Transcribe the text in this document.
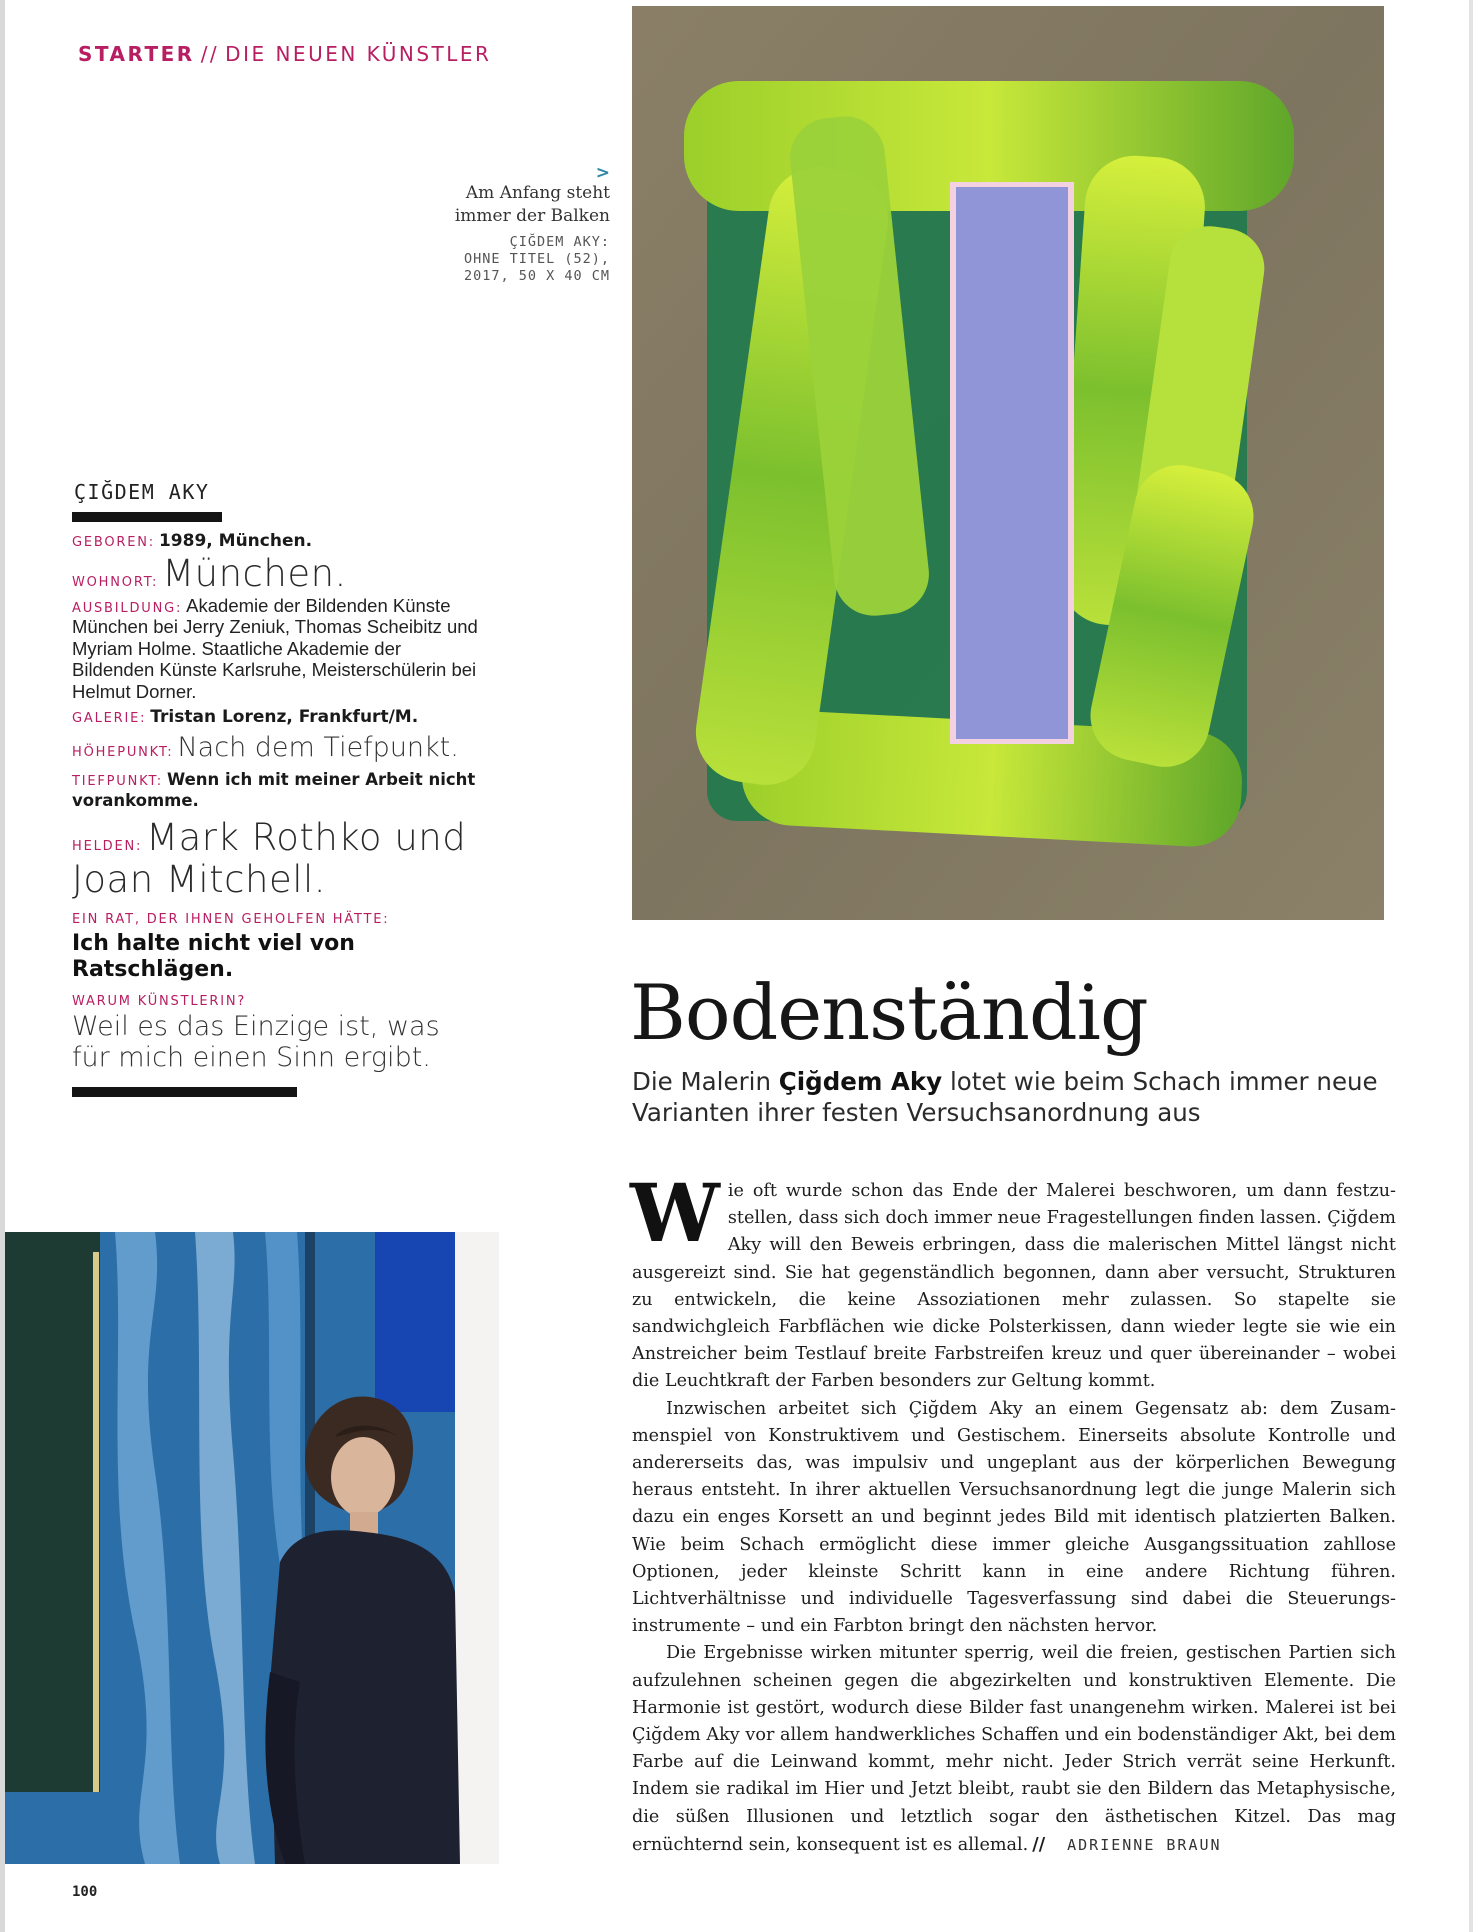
STARTER // DIE NEUEN KÜNSTLER
>
Am Anfang steht
immer der Balken
ÇIĞDEM AKY:
OHNE TITEL (52),
2017, 50 X 40 CM
ÇIĞDEM AKY
GEBOREN: 1989, München.
WOHNORT: München.
AUSBILDUNG: Akademie der Bildenden Künste München bei Jerry Zeniuk, Thomas Scheibitz und Myriam Holme. Staatliche Akademie der Bildenden Künste Karlsruhe, Meisterschülerin bei Helmut Dorner.
GALERIE: Tristan Lorenz, Frankfurt/M.
HÖHEPUNKT: Nach dem Tiefpunkt.
TIEFPUNKT: Wenn ich mit meiner Arbeit nicht vorankomme.
HELDEN: Mark Rothko und Joan Mitchell.
EIN RAT, DER IHNEN GEHOLFEN HÄTTE:
Ich halte nicht viel von Ratschlägen.
WARUM KÜNSTLERIN?
Weil es das Einzige ist, was für mich einen Sinn ergibt.
Bodenständig
Die Malerin Çiğdem Aky lotet wie beim Schach immer neue Varianten ihrer festen Versuchsanordnung aus

Wie oft wurde schon das Ende der Malerei beschworen, um dann festzustellen, dass sich doch immer neue Fragestellungen finden lassen. Çiğdem Aky will den Beweis erbringen, dass die malerischen Mittel längst nicht ausgereizt sind. Sie hat gegenständlich begonnen, dann aber versucht, Strukturen zu entwickeln, die keine Assoziationen mehr zulassen. So stapelte sie sandwichgleich Farbflächen wie dicke Polsterkissen, dann wieder legte sie wie ein Anstreicher beim Testlauf breite Farbstreifen kreuz und quer übereinander – wobei die Leuchtkraft der Farben besonders zur Geltung kommt.

Inzwischen arbeitet sich Çiğdem Aky an einem Gegensatz ab: dem Zusammenspiel von Konstruktivem und Gestischem. Einerseits absolute Kontrolle und andererseits das, was impulsiv und ungeplant aus der körperlichen Bewegung heraus entsteht. In ihrer aktuellen Versuchsanordnung legt die junge Malerin sich dazu ein enges Korsett an und beginnt jedes Bild mit identisch platzierten Balken. Wie beim Schach ermöglicht diese immer gleiche Ausgangssituation zahllose Optionen, jeder kleinste Schritt kann in eine andere Richtung führen. Lichtverhältnisse und individuelle Tagesverfassung sind dabei die Steuerungsinstrumente – und ein Farbton bringt den nächsten hervor.

Die Ergebnisse wirken mitunter sperrig, weil die freien, gestischen Partien sich aufzulehnen scheinen gegen die abgezirkelten und konstruktiven Elemente. Die Harmonie ist gestört, wodurch diese Bilder fast unangenehm wirken. Malerei ist bei Çiğdem Aky vor allem handwerkliches Schaffen und ein bodenständiger Akt, bei dem Farbe auf die Leinwand kommt, mehr nicht. Jeder Strich verrät seine Herkunft. Indem sie radikal im Hier und Jetzt bleibt, raubt sie den Bildern das Metaphysische, die süßen Illusionen und letztlich sogar den ästhetischen Kitzel. Das mag ernüchternd sein, konsequent ist es allemal. // ADRIENNE BRAUN

100
